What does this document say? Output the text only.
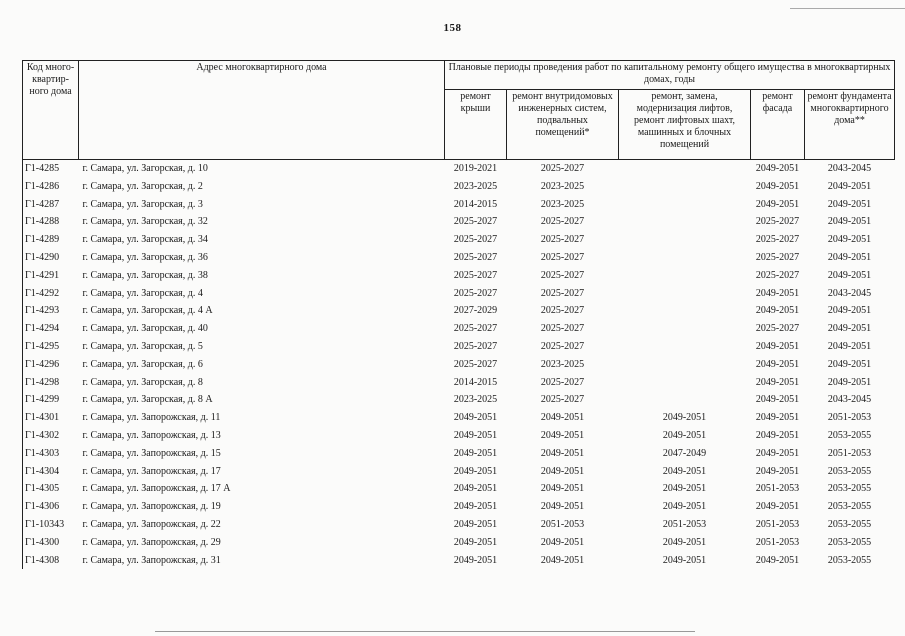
158
Код много-квартир-ного дома	Адрес многоквартирного дома	Плановые периоды проведения работ по капитальному ремонту общего имущества в многоквартирных домах, годы				
		ремонт крыши	ремонт внутридомовых инженерных систем, подвальных помещений*	ремонт, замена, модернизация лифтов, ремонт лифтовых шахт, машинных и блочных помещений	ремонт фасада	ремонт фундамента многоквартирного дома**
Г1-4285	г. Самара, ул. Загорская, д. 10	2019-2021	2025-2027		2049-2051	2043-2045
Г1-4286	г. Самара, ул. Загорская, д. 2	2023-2025	2023-2025		2049-2051	2049-2051
Г1-4287	г. Самара, ул. Загорская, д. 3	2014-2015	2023-2025		2049-2051	2049-2051
Г1-4288	г. Самара, ул. Загорская, д. 32	2025-2027	2025-2027		2025-2027	2049-2051
Г1-4289	г. Самара, ул. Загорская, д. 34	2025-2027	2025-2027		2025-2027	2049-2051
Г1-4290	г. Самара, ул. Загорская, д. 36	2025-2027	2025-2027		2025-2027	2049-2051
Г1-4291	г. Самара, ул. Загорская, д. 38	2025-2027	2025-2027		2025-2027	2049-2051
Г1-4292	г. Самара, ул. Загорская, д. 4	2025-2027	2025-2027		2049-2051	2043-2045
Г1-4293	г. Самара, ул. Загорская, д. 4 А	2027-2029	2025-2027		2049-2051	2049-2051
Г1-4294	г. Самара, ул. Загорская, д. 40	2025-2027	2025-2027		2025-2027	2049-2051
Г1-4295	г. Самара, ул. Загорская, д. 5	2025-2027	2025-2027		2049-2051	2049-2051
Г1-4296	г. Самара, ул. Загорская, д. 6	2025-2027	2023-2025		2049-2051	2049-2051
Г1-4298	г. Самара, ул. Загорская, д. 8	2014-2015	2025-2027		2049-2051	2049-2051
Г1-4299	г. Самара, ул. Загорская, д. 8 А	2023-2025	2025-2027		2049-2051	2043-2045
Г1-4301	г. Самара, ул. Запорожская, д. 11	2049-2051	2049-2051	2049-2051	2049-2051	2051-2053
Г1-4302	г. Самара, ул. Запорожская, д. 13	2049-2051	2049-2051	2049-2051	2049-2051	2053-2055
Г1-4303	г. Самара, ул. Запорожская, д. 15	2049-2051	2049-2051	2047-2049	2049-2051	2051-2053
Г1-4304	г. Самара, ул. Запорожская, д. 17	2049-2051	2049-2051	2049-2051	2049-2051	2053-2055
Г1-4305	г. Самара, ул. Запорожская, д. 17 А	2049-2051	2049-2051	2049-2051	2051-2053	2053-2055
Г1-4306	г. Самара, ул. Запорожская, д. 19	2049-2051	2049-2051	2049-2051	2049-2051	2053-2055
Г1-10343	г. Самара, ул. Запорожская, д. 22	2049-2051	2051-2053	2051-2053	2051-2053	2053-2055
Г1-4300	г. Самара, ул. Запорожская, д. 29	2049-2051	2049-2051	2049-2051	2051-2053	2053-2055
Г1-4308	г. Самара, ул. Запорожская, д. 31	2049-2051	2049-2051	2049-2051	2049-2051	2053-2055
